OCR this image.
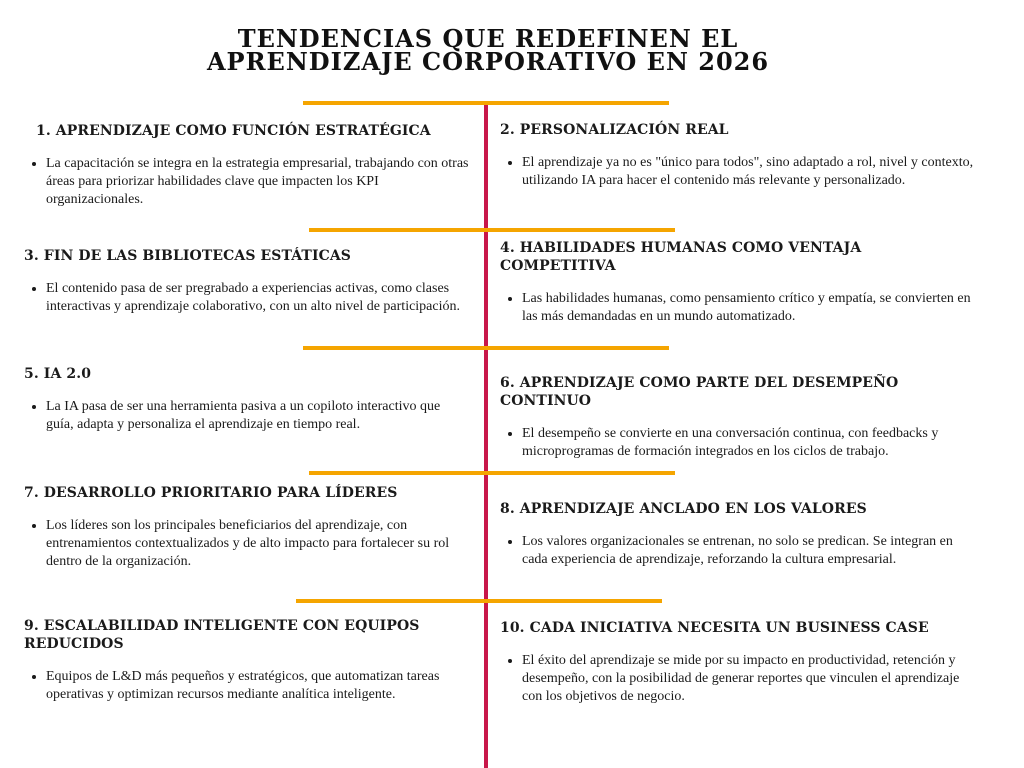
TENDENCIAS QUE REDEFINEN EL
APRENDIZAJE CORPORATIVO EN 2026
1. APRENDIZAJE COMO FUNCIÓN ESTRATÉGICA
• La capacitación se integra en la estrategia empresarial, trabajando con otras áreas para priorizar habilidades clave que impacten los KPI organizacionales.
2. PERSONALIZACIÓN REAL
• El aprendizaje ya no es "único para todos", sino adaptado a rol, nivel y contexto, utilizando IA para hacer el contenido más relevante y personalizado.
3. FIN DE LAS BIBLIOTECAS ESTÁTICAS
• El contenido pasa de ser pregrabado a experiencias activas, como clases interactivas y aprendizaje colaborativo, con un alto nivel de participación.
4. HABILIDADES HUMANAS COMO VENTAJA COMPETITIVA
• Las habilidades humanas, como pensamiento crítico y empatía, se convierten en las más demandadas en un mundo automatizado.
5. IA 2.0
• La IA pasa de ser una herramienta pasiva a un copiloto interactivo que guía, adapta y personaliza el aprendizaje en tiempo real.
6. APRENDIZAJE COMO PARTE DEL DESEMPEÑO CONTINUO
• El desempeño se convierte en una conversación continua, con feedbacks y microprogramas de formación integrados en los ciclos de trabajo.
7. DESARROLLO PRIORITARIO PARA LÍDERES
• Los líderes son los principales beneficiarios del aprendizaje, con entrenamientos contextualizados y de alto impacto para fortalecer su rol dentro de la organización.
8. APRENDIZAJE ANCLADO EN LOS VALORES
• Los valores organizacionales se entrenan, no solo se predican. Se integran en cada experiencia de aprendizaje, reforzando la cultura empresarial.
9. ESCALABILIDAD INTELIGENTE CON EQUIPOS REDUCIDOS
• Equipos de L&D más pequeños y estratégicos, que automatizan tareas operativas y optimizan recursos mediante analítica inteligente.
10. CADA INICIATIVA NECESITA UN BUSINESS CASE
• El éxito del aprendizaje se mide por su impacto en productividad, retención y desempeño, con la posibilidad de generar reportes que vinculen el aprendizaje con los objetivos de negocio.
